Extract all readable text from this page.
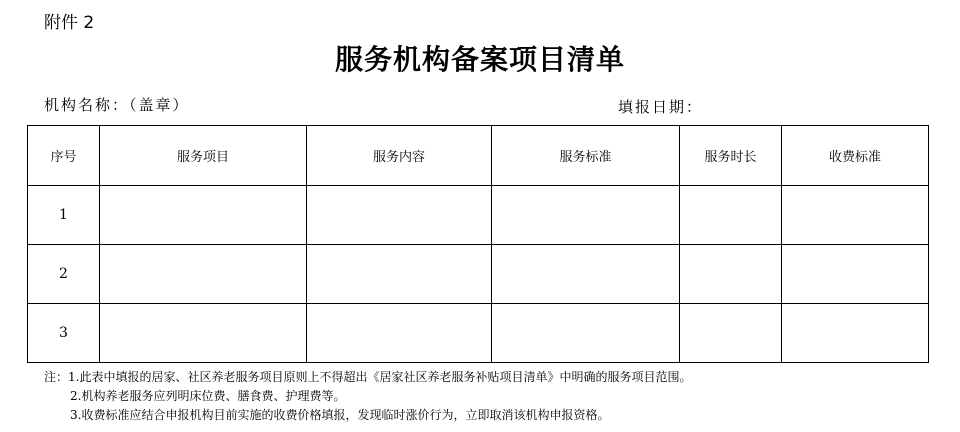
附件 2
服务机构备案项目清单
机构名称：（盖章）	填报日期：
序号	服务项目	服务内容	服务标准	服务时长	收费标准
1					
2					
3					
注：1.此表中填报的居家、社区养老服务项目原则上不得超出《居家社区养老服务补贴项目清单》中明确的服务项目范围。
2.机构养老服务应列明床位费、膳食费、护理费等。
3.收费标准应结合申报机构目前实施的收费价格填报，发现临时涨价行为，立即取消该机构申报资格。
